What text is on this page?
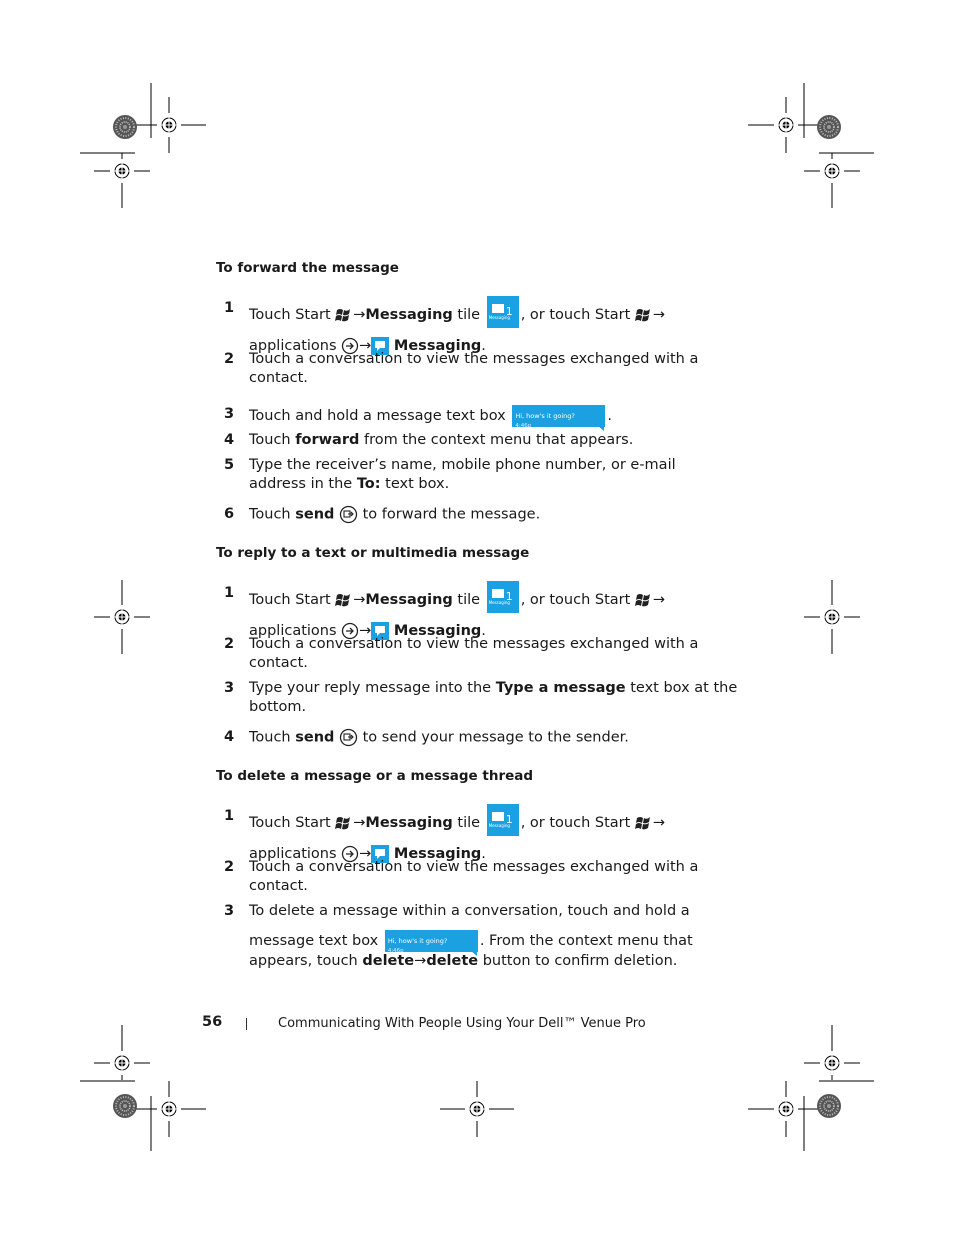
To forward the message
1 Touch Start →Messaging tile 1
Messaging , or touch Start →
applications → Messaging.
2 Touch a conversation to view the messages exchanged with a
contact.
3 Touch and hold a message text box Hi, how's it going?
4:46p
.
4 Touch forward from the context menu that appears.
5 Type the receiver’s name, mobile phone number, or e-mail
address in the To: text box.
6 Touch send  to forward the message.
To reply to a text or multimedia message
1 Touch Start →Messaging tile 1
Messaging , or touch Start →
applications → Messaging.
2 Touch a conversation to view the messages exchanged with a
contact.
3 Type your reply message into the Type a message text box at the
bottom.
4 Touch send  to send your message to the sender.
To delete a message or a message thread
1 Touch Start →Messaging tile 1
Messaging , or touch Start →
applications → Messaging.
2 Touch a conversation to view the messages exchanged with a
contact.
3 To delete a message within a conversation, touch and hold a
message text box Hi, how's it going?
4:46p
. From the context menu that
appears, touch delete→delete button to confirm deletion.
56	Communicating With People Using Your Dell™ Venue Pro
